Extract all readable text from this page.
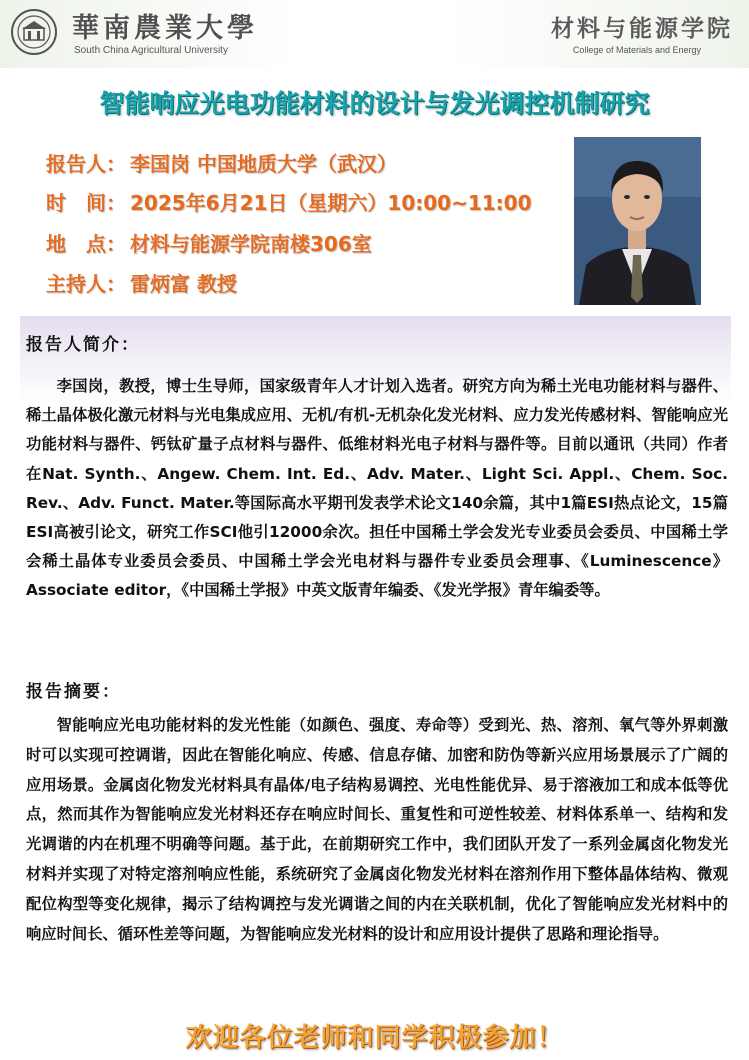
華南農業大學
South China Agricultural University
材料与能源学院
College of Materials and Energy
智能响应光电功能材料的设计与发光调控机制研究
报告人： 李国岗 中国地质大学（武汉）
时　间： 2025年6月21日（星期六）10:00~11:00
地　点： 材料与能源学院南楼306室
主持人： 雷炳富 教授
报告人简介：

李国岗，教授，博士生导师，国家级青年人才计划入选者。研究方向为稀土光电功能材料与器件、稀土晶体极化激元材料与光电集成应用、无机/有机-无机杂化发光材料、应力发光传感材料、智能响应光功能材料与器件、钙钛矿量子点材料与器件、低维材料光电子材料与器件等。目前以通讯（共同）作者在Nat. Synth.、Angew. Chem. Int. Ed.、Adv. Mater.、Light Sci. Appl.、Chem. Soc. Rev.、Adv. Funct. Mater.等国际高水平期刊发表学术论文140余篇，其中1篇ESI热点论文，15篇ESI高被引论文，研究工作SCI他引12000余次。担任中国稀土学会发光专业委员会委员、中国稀土学会稀土晶体专业委员会委员、中国稀土学会光电材料与器件专业委员会理事、《Luminescence》Associate editor，《中国稀土学报》中英文版青年编委、《发光学报》青年编委等。

报告摘要：

智能响应光电功能材料的发光性能（如颜色、强度、寿命等）受到光、热、溶剂、氧气等外界刺激时可以实现可控调谐，因此在智能化响应、传感、信息存储、加密和防伪等新兴应用场景展示了广阔的应用场景。金属卤化物发光材料具有晶体/电子结构易调控、光电性能优异、易于溶液加工和成本低等优点，然而其作为智能响应发光材料还存在响应时间长、重复性和可逆性较差、材料体系单一、结构和发光调谐的内在机理不明确等问题。基于此，在前期研究工作中，我们团队开发了一系列金属卤化物发光材料并实现了对特定溶剂响应性能，系统研究了金属卤化物发光材料在溶剂作用下整体晶体结构、微观配位构型等变化规律，揭示了结构调控与发光调谐之间的内在关联机制，优化了智能响应发光材料中的响应时间长、循环性差等问题，为智能响应发光材料的设计和应用设计提供了思路和理论指导。

欢迎各位老师和同学积极参加！
